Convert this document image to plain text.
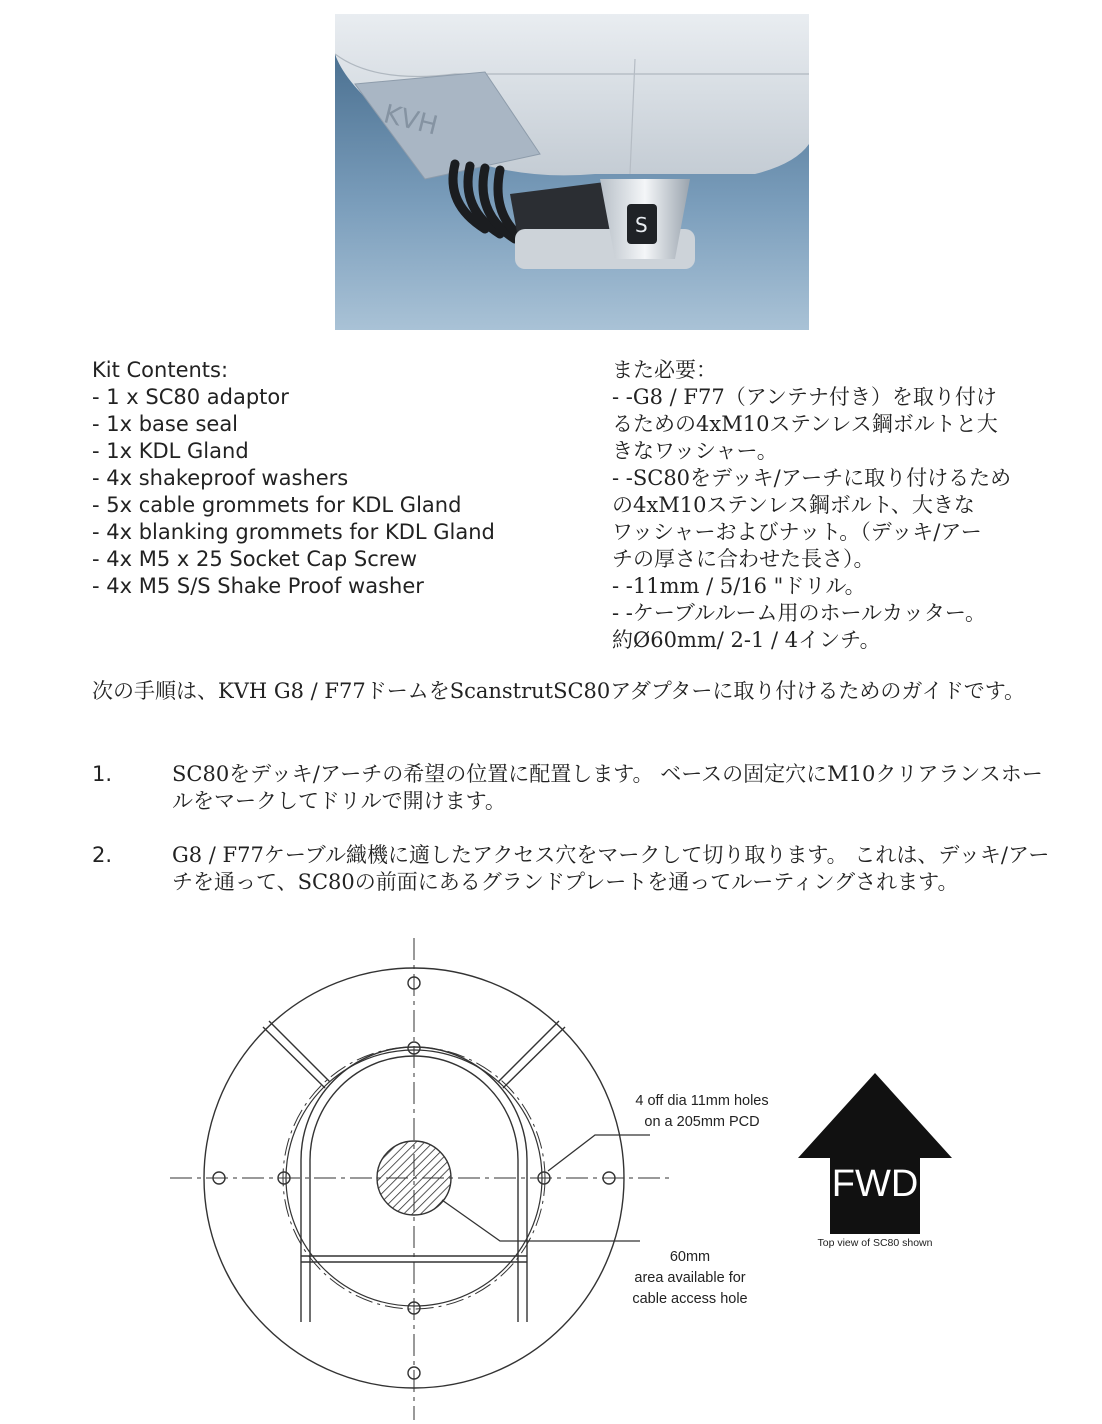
KVH
S
Kit Contents:
- 1 x SC80 adaptor
- 1x base seal
- 1x KDL Gland
- 4x shakeproof washers
- 5x cable grommets for KDL Gland
- 4x blanking grommets for KDL Gland
- 4x M5 x 25 Socket Cap Screw
- 4x M5 S/S Shake Proof washer
また必要：
- -G8 / F77（アンテナ付き）を取り付け
るための4xM10ステンレス鋼ボルトと大
きなワッシャー。
- -SC80をデッキ/アーチに取り付けるため
の4xM10ステンレス鋼ボルト、大きな
ワッシャーおよびナット。（デッキ/アー
チの厚さに合わせた長さ）。
- -11mm / 5/16 "ドリル。
- -ケーブルルーム用のホールカッター。
約Ø60mm/ 2-1 / 4インチ。
次の手順は、KVH G8 / F77ドームをScanstrutSC80アダプターに取り付けるためのガイドです。
1.	SC80をデッキ/アーチの希望の位置に配置します。 ベースの固定穴にM10クリアランスホールをマークしてドリルで開けます。
2.	G8 / F77ケーブル織機に適したアクセス穴をマークして切り取ります。 これは、デッキ/アーチを通って、SC80の前面にあるグランドプレートを通ってルーティングされます。
4 off dia 11mm holes
on a 205mm PCD
60mm
area available for
cable access hole
FWD
Top view of SC80 shown
